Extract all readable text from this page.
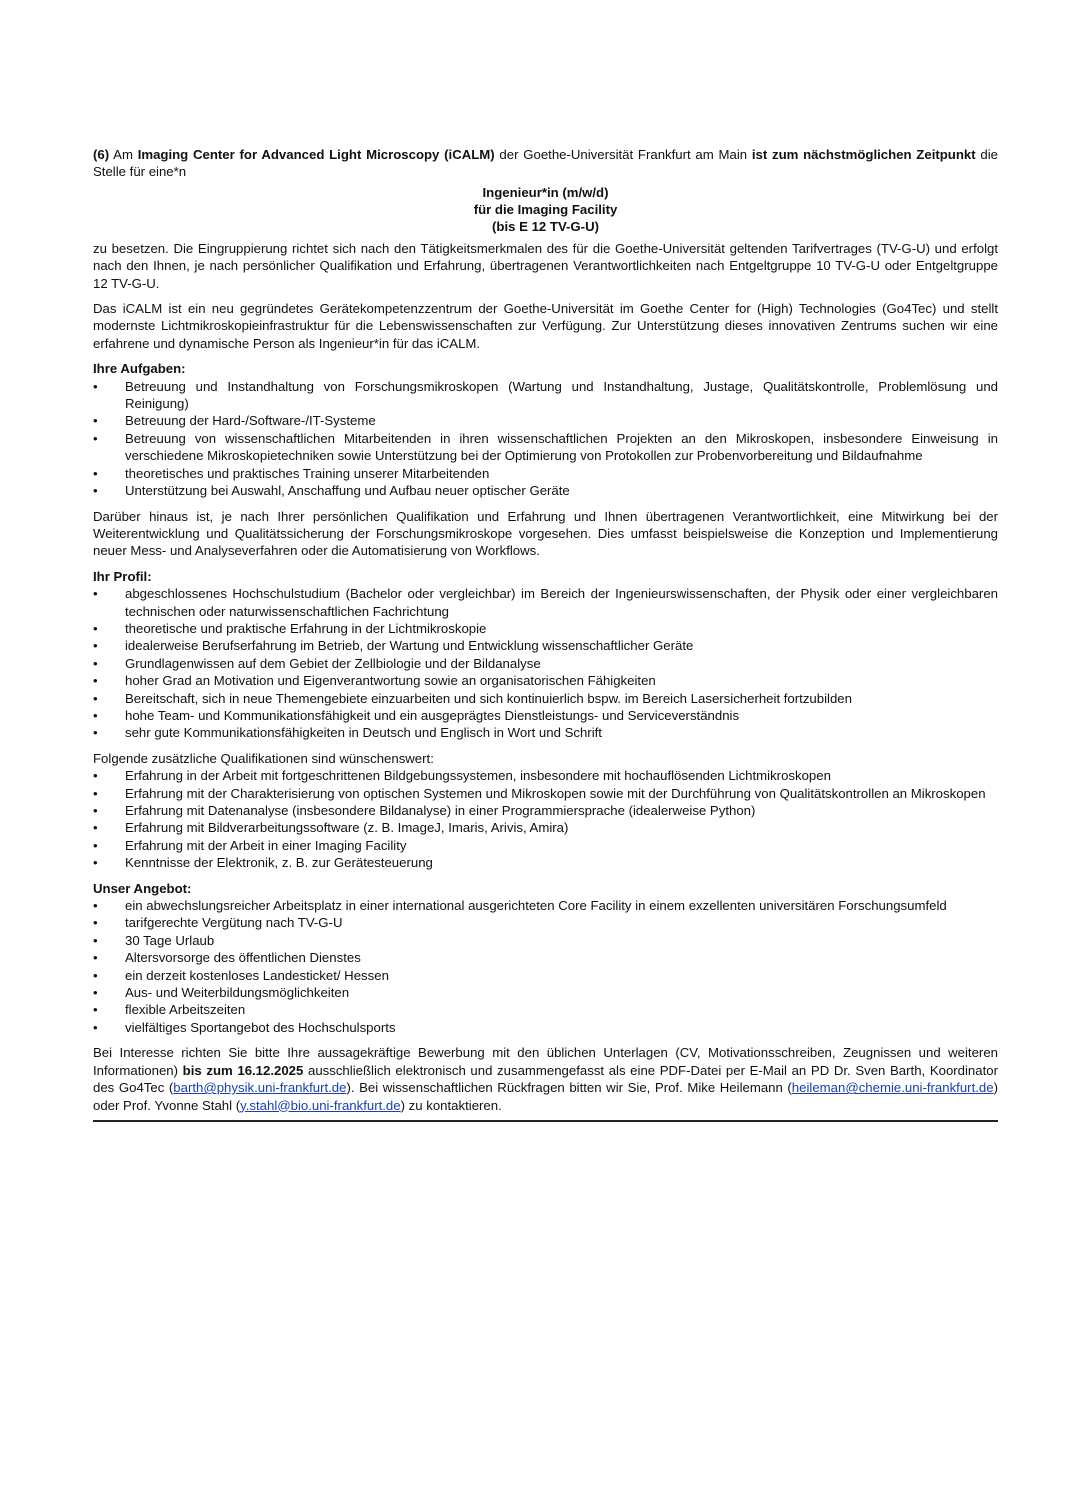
(6) Am Imaging Center for Advanced Light Microscopy (iCALM) der Goethe-Universität Frankfurt am Main ist zum nächstmöglichen Zeitpunkt die Stelle für eine*n

Ingenieur*in (m/w/d)
für die Imaging Facility
(bis E 12 TV-G-U)

zu besetzen. Die Eingruppierung richtet sich nach den Tätigkeitsmerkmalen des für die Goethe-Universität geltenden Tarifvertrages (TV-G-U) und erfolgt nach den Ihnen, je nach persönlicher Qualifikation und Erfahrung, übertragenen Verantwortlichkeiten nach Entgeltgruppe 10 TV-G-U oder Entgeltgruppe 12 TV-G-U.

Das iCALM ist ein neu gegründetes Gerätekompetenzzentrum der Goethe-Universität im Goethe Center for (High) Technologies (Go4Tec) und stellt modernste Lichtmikroskopieinfrastruktur für die Lebenswissenschaften zur Verfügung. Zur Unterstützung dieses innovativen Zentrums suchen wir eine erfahrene und dynamische Person als Ingenieur*in für das iCALM.

Ihre Aufgaben:

• Betreuung und Instandhaltung von Forschungsmikroskopen (Wartung und Instandhaltung, Justage, Qualitätskontrolle, Problemlösung und Reinigung)
• Betreuung der Hard-/Software-/IT-Systeme
• Betreuung von wissenschaftlichen Mitarbeitenden in ihren wissenschaftlichen Projekten an den Mikroskopen, insbesondere Einweisung in verschiedene Mikroskopietechniken sowie Unterstützung bei der Optimierung von Protokollen zur Probenvorbereitung und Bildaufnahme
• theoretisches und praktisches Training unserer Mitarbeitenden
• Unterstützung bei Auswahl, Anschaffung und Aufbau neuer optischer Geräte

Darüber hinaus ist, je nach Ihrer persönlichen Qualifikation und Erfahrung und Ihnen übertragenen Verantwortlichkeit, eine Mitwirkung bei der Weiterentwicklung und Qualitätssicherung der Forschungsmikroskope vorgesehen. Dies umfasst beispielsweise die Konzeption und Implementierung neuer Mess- und Analyseverfahren oder die Automatisierung von Workflows.

Ihr Profil:

• abgeschlossenes Hochschulstudium (Bachelor oder vergleichbar) im Bereich der Ingenieurswissenschaften, der Physik oder einer vergleichbaren technischen oder naturwissenschaftlichen Fachrichtung
• theoretische und praktische Erfahrung in der Lichtmikroskopie
• idealerweise Berufserfahrung im Betrieb, der Wartung und Entwicklung wissenschaftlicher Geräte
• Grundlagenwissen auf dem Gebiet der Zellbiologie und der Bildanalyse
• hoher Grad an Motivation und Eigenverantwortung sowie an organisatorischen Fähigkeiten
• Bereitschaft, sich in neue Themengebiete einzuarbeiten und sich kontinuierlich bspw. im Bereich Lasersicherheit fortzubilden
• hohe Team- und Kommunikationsfähigkeit und ein ausgeprägtes Dienstleistungs- und Serviceverständnis
• sehr gute Kommunikationsfähigkeiten in Deutsch und Englisch in Wort und Schrift

Folgende zusätzliche Qualifikationen sind wünschenswert:

• Erfahrung in der Arbeit mit fortgeschrittenen Bildgebungssystemen, insbesondere mit hochauflösenden Lichtmikroskopen
• Erfahrung mit der Charakterisierung von optischen Systemen und Mikroskopen sowie mit der Durchführung von Qualitätskontrollen an Mikroskopen
• Erfahrung mit Datenanalyse (insbesondere Bildanalyse) in einer Programmiersprache (idealerweise Python)
• Erfahrung mit Bildverarbeitungssoftware (z. B. ImageJ, Imaris, Arivis, Amira)
• Erfahrung mit der Arbeit in einer Imaging Facility
• Kenntnisse der Elektronik, z. B. zur Gerätesteuerung

Unser Angebot:

• ein abwechslungsreicher Arbeitsplatz in einer international ausgerichteten Core Facility in einem exzellenten universitären Forschungsumfeld
• tarifgerechte Vergütung nach TV-G-U
• 30 Tage Urlaub
• Altersvorsorge des öffentlichen Dienstes
• ein derzeit kostenloses Landesticket/ Hessen
• Aus- und Weiterbildungsmöglichkeiten
• flexible Arbeitszeiten
• vielfältiges Sportangebot des Hochschulsports

Bei Interesse richten Sie bitte Ihre aussagekräftige Bewerbung mit den üblichen Unterlagen (CV, Motivationsschreiben, Zeugnissen und weiteren Informationen) bis zum 16.12.2025 ausschließlich elektronisch und zusammengefasst als eine PDF-Datei per E-Mail an PD Dr. Sven Barth, Koordinator des Go4Tec (barth@physik.uni-frankfurt.de). Bei wissenschaftlichen Rückfragen bitten wir Sie, Prof. Mike Heilemann (heileman@chemie.uni-frankfurt.de) oder Prof. Yvonne Stahl (y.stahl@bio.uni-frankfurt.de) zu kontaktieren.
